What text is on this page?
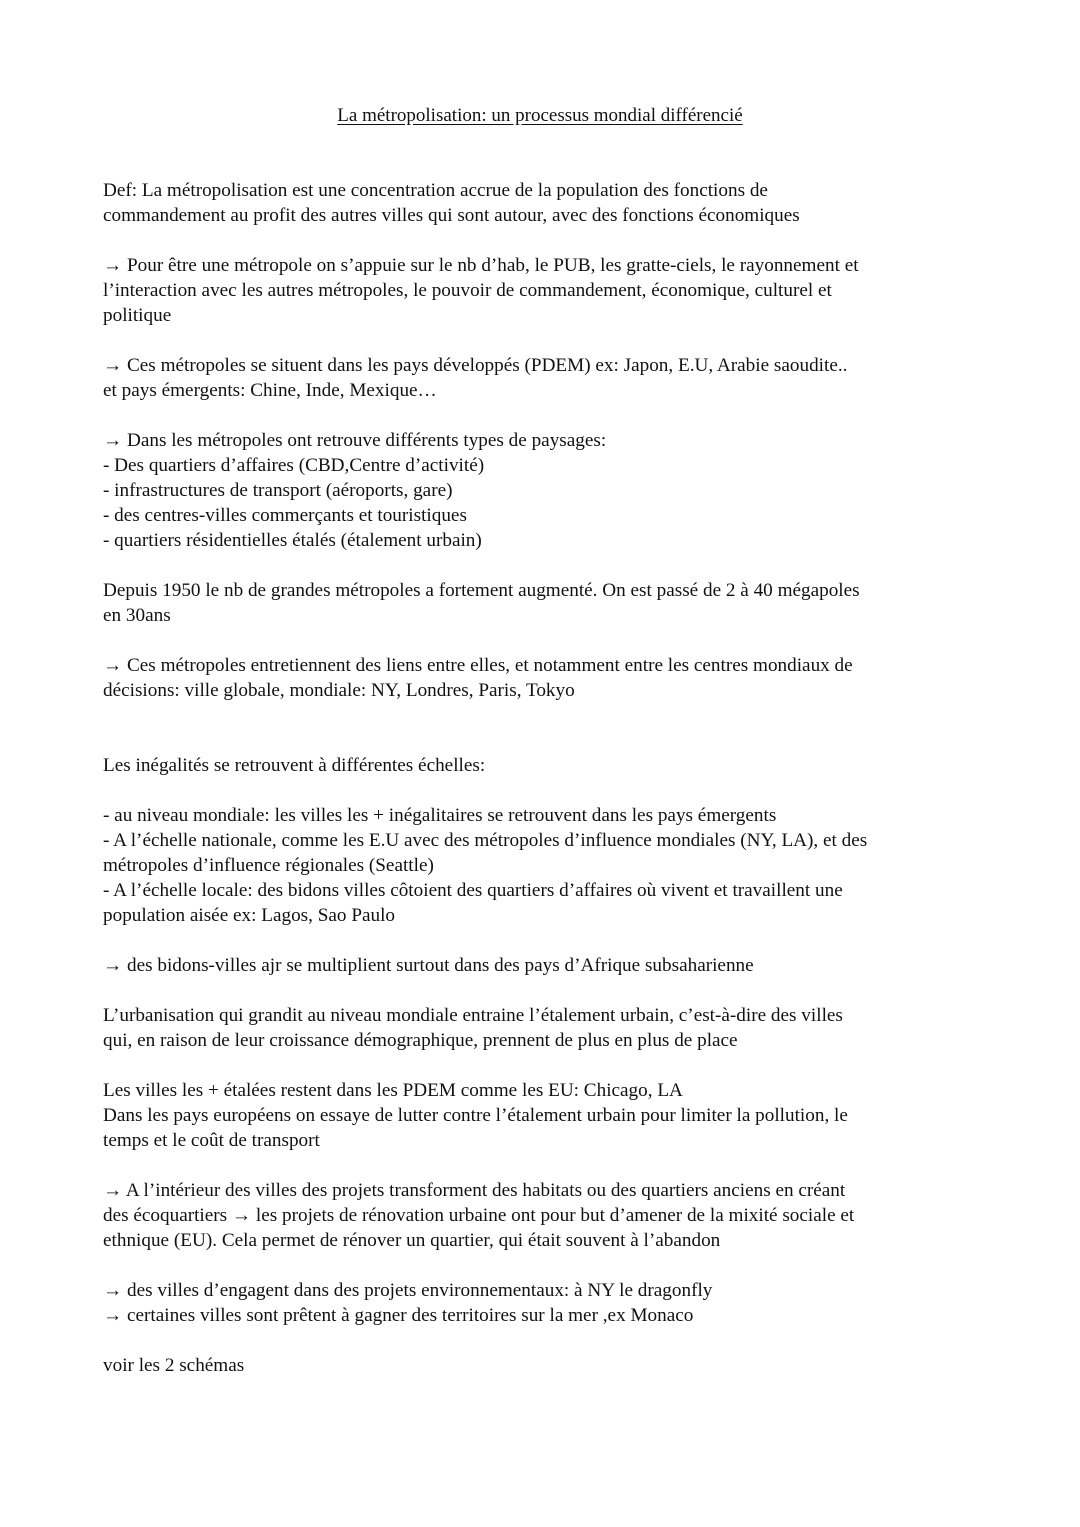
La métropolisation: un processus mondial différencié
Def: La métropolisation est une concentration accrue de la population des fonctions de
commandement au profit des autres villes qui sont autour, avec des fonctions économiques
→ Pour être une métropole on s’appuie sur le nb d’hab, le PUB, les gratte-ciels, le rayonnement et
l’interaction avec les autres métropoles, le pouvoir de commandement, économique, culturel et
politique
→ Ces métropoles se situent dans les pays développés (PDEM) ex: Japon, E.U, Arabie saoudite..
et pays émergents: Chine, Inde, Mexique…
→ Dans les métropoles ont retrouve différents types de paysages:
- Des quartiers d’affaires (CBD,Centre d’activité)
- infrastructures de transport (aéroports, gare)
- des centres-villes commerçants et touristiques
- quartiers résidentielles étalés (étalement urbain)
Depuis 1950 le nb de grandes métropoles a fortement augmenté. On est passé de 2 à 40 mégapoles
en 30ans
→ Ces métropoles entretiennent des liens entre elles, et notamment entre les centres mondiaux de
décisions: ville globale, mondiale: NY, Londres, Paris, Tokyo
Les inégalités se retrouvent à différentes échelles:
- au niveau mondiale: les villes les + inégalitaires se retrouvent dans les pays émergents
- A l’échelle nationale, comme les E.U avec des métropoles d’influence mondiales (NY, LA), et des
métropoles d’influence régionales (Seattle)
- A l’échelle locale: des bidons villes côtoient des quartiers d’affaires où vivent et travaillent une
population aisée ex: Lagos, Sao Paulo
→ des bidons-villes ajr se multiplient surtout dans des pays d’Afrique subsaharienne
L’urbanisation qui grandit au niveau mondiale entraine l’étalement urbain, c’est-à-dire des villes
qui, en raison de leur croissance démographique, prennent de plus en plus de place
Les villes les + étalées restent dans les PDEM comme les EU: Chicago, LA
Dans les pays européens on essaye de lutter contre l’étalement urbain pour limiter la pollution, le
temps et le coût de transport
→ A l’intérieur des villes des projets transforment des habitats ou des quartiers anciens en créant
des écoquartiers → les projets de rénovation urbaine ont pour but d’amener de la mixité sociale et
ethnique (EU). Cela permet de rénover un quartier, qui était souvent à l’abandon
→ des villes d’engagent dans des projets environnementaux: à NY le dragonfly
→ certaines villes sont prêtent à gagner des territoires sur la mer ,ex Monaco
voir les 2 schémas
